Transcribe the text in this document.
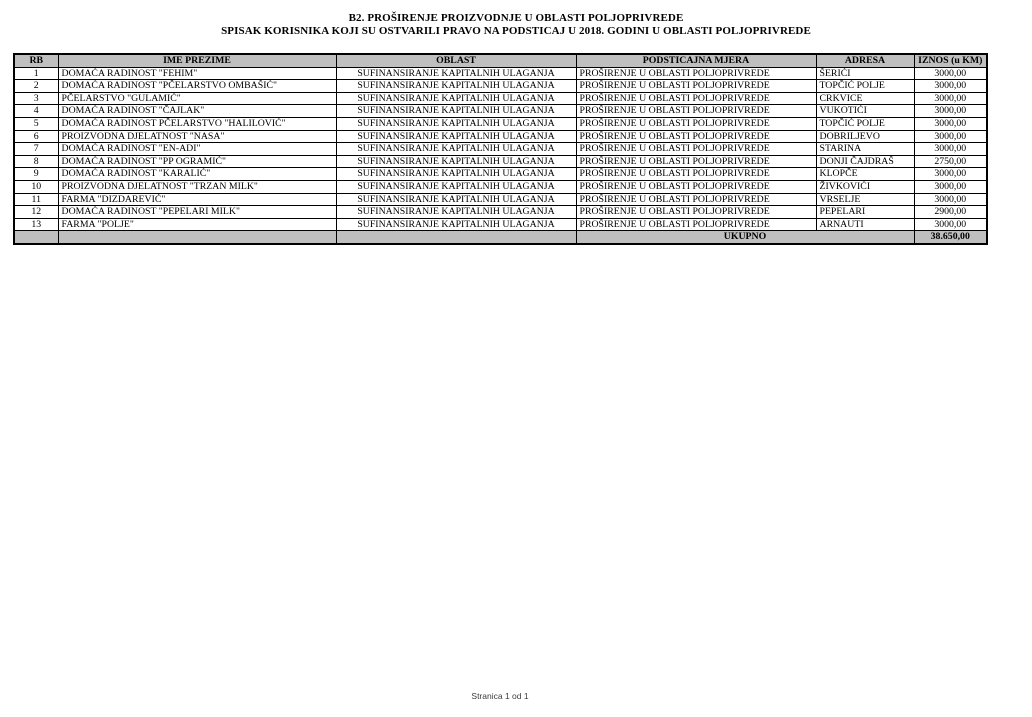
B2. PROŠIRENJE PROIZVODNJE U OBLASTI POLJOPRIVREDE
SPISAK KORISNIKA KOJI SU OSTVARILI PRAVO NA PODSTICAJ U 2018. GODINI U OBLASTI POLJOPRIVREDE
RB	IME PREZIME	OBLAST	PODSTICAJNA MJERA	ADRESA	IZNOS (u KM)
1	DOMAĆA RADINOST "FEHIM"	SUFINANSIRANJE KAPITALNIH ULAGANJA	PROŠIRENJE U OBLASTI POLJOPRIVREDE	ŠERIĆI	3000,00
2	DOMAĆA RADINOST "PČELARSTVO OMBAŠIĆ"	SUFINANSIRANJE KAPITALNIH ULAGANJA	PROŠIRENJE U OBLASTI POLJOPRIVREDE	TOPČIĆ POLJE	3000,00
3	PČELARSTVO "GULAMIĆ"	SUFINANSIRANJE KAPITALNIH ULAGANJA	PROŠIRENJE U OBLASTI POLJOPRIVREDE	CRKVICE	3000,00
4	DOMAĆA RADINOST "ČAJLAK"	SUFINANSIRANJE KAPITALNIH ULAGANJA	PROŠIRENJE U OBLASTI POLJOPRIVREDE	VUKOTIĆI	3000,00
5	DOMAĆA RADINOST PČELARSTVO "HALILOVIĆ"	SUFINANSIRANJE KAPITALNIH ULAGANJA	PROŠIRENJE U OBLASTI POLJOPRIVREDE	TOPČIĆ POLJE	3000,00
6	PROIZVODNA DJELATNOST "NASA"	SUFINANSIRANJE KAPITALNIH ULAGANJA	PROŠIRENJE U OBLASTI POLJOPRIVREDE	DOBRILJEVO	3000,00
7	DOMAĆA RADINOST "EN-ADI"	SUFINANSIRANJE KAPITALNIH ULAGANJA	PROŠIRENJE U OBLASTI POLJOPRIVREDE	STARINA	3000,00
8	DOMAĆA RADINOST "PP OGRAMIĆ"	SUFINANSIRANJE KAPITALNIH ULAGANJA	PROŠIRENJE U OBLASTI POLJOPRIVREDE	DONJI ČAJDRAŠ	2750,00
9	DOMAĆA RADINOST "KARALIĆ"	SUFINANSIRANJE KAPITALNIH ULAGANJA	PROŠIRENJE U OBLASTI POLJOPRIVREDE	KLOPČE	3000,00
10	PROIZVODNA DJELATNOST "TRZAN MILK"	SUFINANSIRANJE KAPITALNIH ULAGANJA	PROŠIRENJE U OBLASTI POLJOPRIVREDE	ŽIVKOVIĆI	3000,00
11	FARMA "DIZDAREVIĆ"	SUFINANSIRANJE KAPITALNIH ULAGANJA	PROŠIRENJE U OBLASTI POLJOPRIVREDE	VRSELJE	3000,00
12	DOMAĆA RADINOST "PEPELARI MILK"	SUFINANSIRANJE KAPITALNIH ULAGANJA	PROŠIRENJE U OBLASTI POLJOPRIVREDE	PEPELARI	2900,00
13	FARMA "POLJE"	SUFINANSIRANJE KAPITALNIH ULAGANJA	PROŠIRENJE U OBLASTI POLJOPRIVREDE	ARNAUTI	3000,00
			UKUPNO		38.650,00
Stranica 1 od 1
